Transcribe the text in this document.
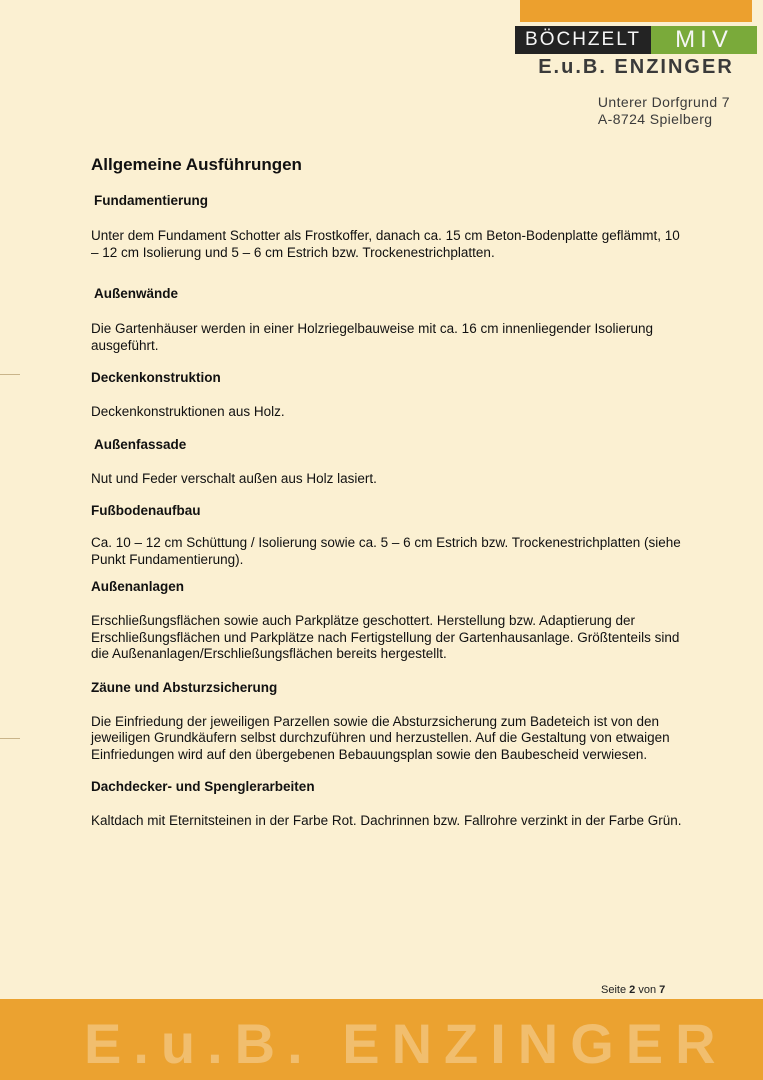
BÖCHZELT	MIV
E.u.B. ENZINGER
Unterer Dorfgrund 7
A-8724 Spielberg
Allgemeine Ausführungen
Fundamentierung

Unter dem Fundament Schotter als Frostkoffer, danach ca. 15 cm Beton-Bodenplatte geflämmt, 10 – 12 cm Isolierung und 5 – 6 cm Estrich bzw. Trockenestrichplatten.

Außenwände

Die Gartenhäuser werden in einer Holzriegelbauweise mit ca. 16 cm innenliegender Isolierung ausgeführt.

Deckenkonstruktion

Deckenkonstruktionen aus Holz.

Außenfassade

Nut und Feder verschalt außen aus Holz lasiert.

Fußbodenaufbau

Ca. 10 – 12 cm Schüttung / Isolierung sowie ca. 5 – 6 cm Estrich bzw. Trockenestrichplatten (siehe Punkt Fundamentierung).

Außenanlagen

Erschließungsflächen sowie auch Parkplätze geschottert. Herstellung bzw. Adaptierung der Erschließungsflächen und Parkplätze nach Fertigstellung der Gartenhausanlage. Größtenteils sind die Außenanlagen/Erschließungsflächen bereits hergestellt.

Zäune und Absturzsicherung

Die Einfriedung der jeweiligen Parzellen sowie die Absturzsicherung zum Badeteich ist von den jeweiligen Grundkäufern selbst durchzuführen und herzustellen. Auf die Gestaltung von etwaigen Einfriedungen wird auf den übergebenen Bebauungsplan sowie den Baubescheid verwiesen.

Dachdecker- und Spenglerarbeiten

Kaltdach mit Eternitsteinen in der Farbe Rot. Dachrinnen bzw. Fallrohre verzinkt in der Farbe Grün.

Seite 2 von 7
E.u.B. ENZINGER
